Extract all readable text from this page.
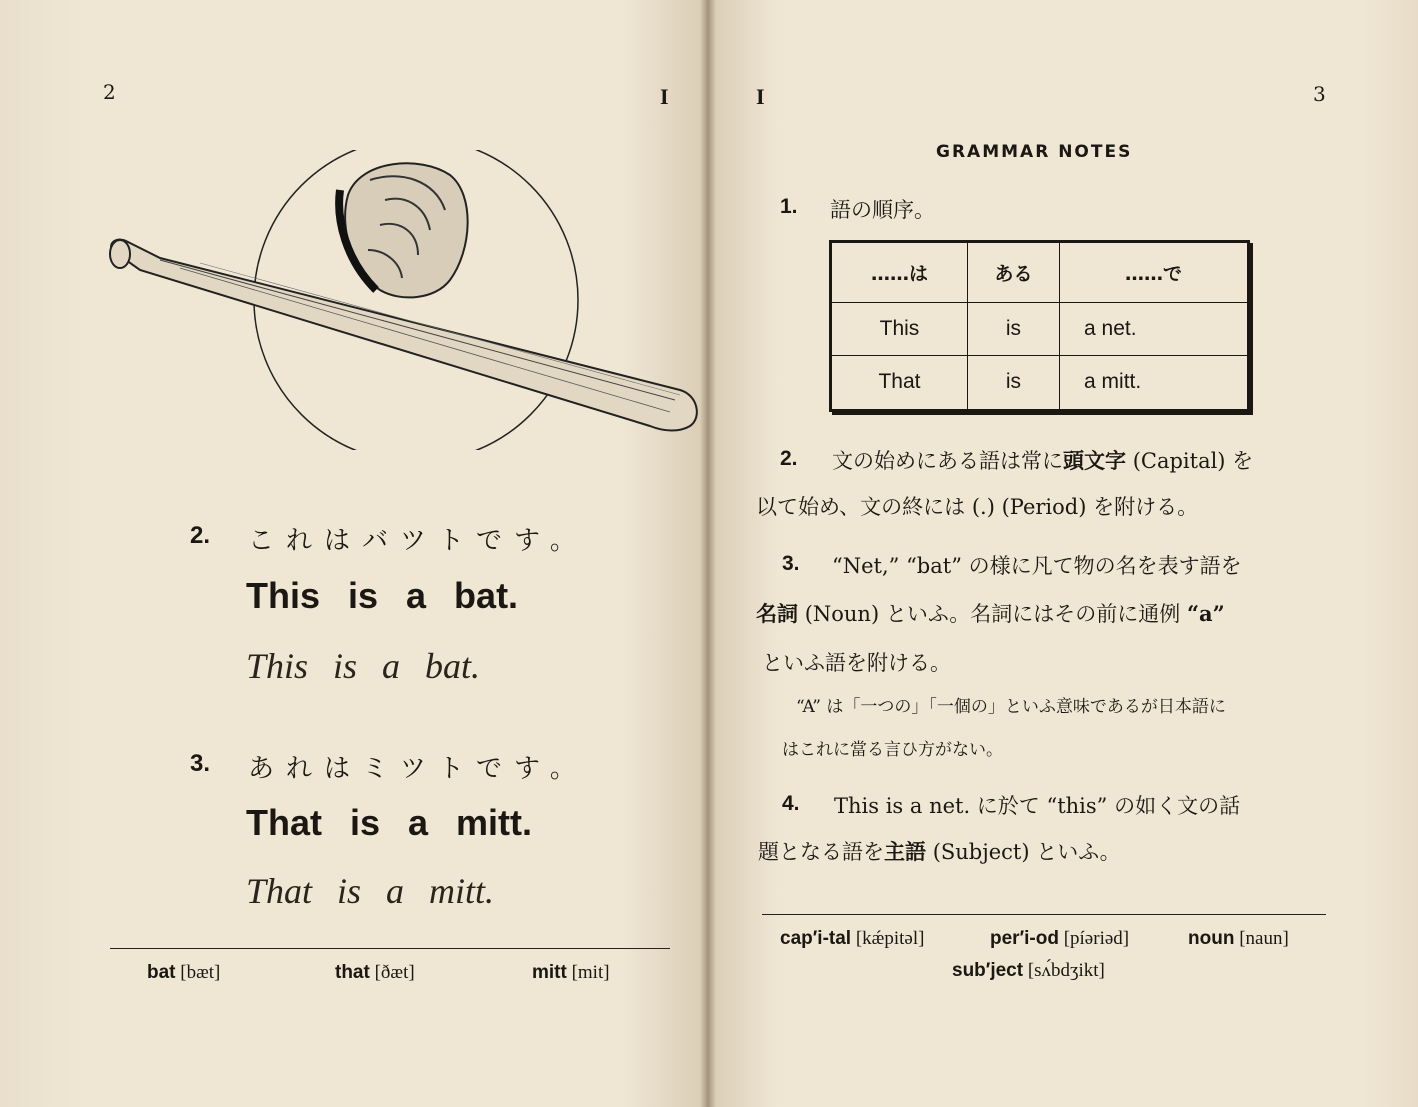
2	I
2. これはバツトです。
This is a bat.
This is a bat.
3. あれはミツトです。
That is a mitt.
That is a mitt.
bat [bæt]	that [ðæt]	mitt [mit]
I	3
GRAMMAR NOTES
1. 語の順序。
……は	ある	……で
This	is	a net.
That	is	a mitt.
2. 文の始めにある語は常に頭文字 (Capital) を
以て始め、文の終には (.) (Period) を附ける。
3. “Net,” “bat” の様に凡て物の名を表す語を
名詞 (Noun) といふ。名詞にはその前に通例 “a”
といふ語を附ける。
“A” は「一つの」「一個の」といふ意味であるが日本語に
はこれに當る言ひ方がない。
4. This is a net. に於て “this” の如く文の話
題となる語を主語 (Subject) といふ。
cap′i-tal [kǽpitəl]	per′i-od [píəriəd]	noun [naun]
sub′ject [sʌ́bdʒikt]
